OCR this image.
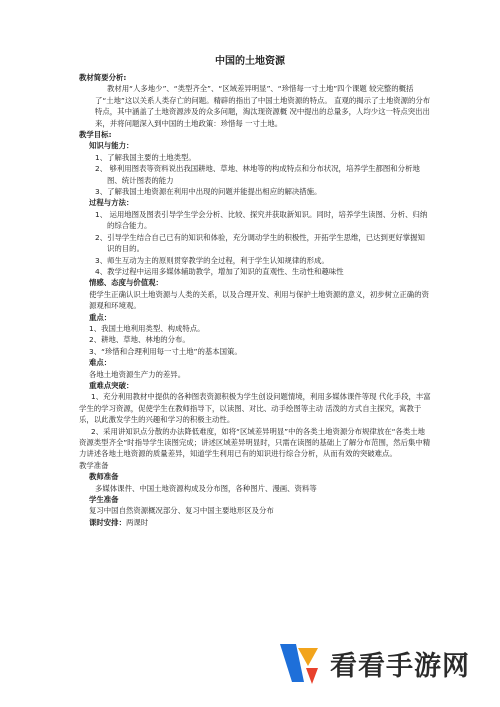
中国的土地资源

教材简要分析:

教材用“人多地少”、“类型齐全”、“区域差异明显”、“珍惜每一寸土地”四个课题 较完整的概括了“土地”这以关系人类存亡的问题。精辟的指出了中国土地资源的特点。 直观的揭示了土地资源的分布特点，其中涵盖了土地资源涉及的众多问题，淘汰现资源概 况中提出的总量多，人均少这一特点突出出来，并将问题深入到中国的土地政策：珍惜每 一寸土地。

教学目标:

知识与能力：

1、了解我国主要的土地类型。

2、 够利用图表等资料说出我国耕地、草地、林地等的构成特点和分布状况，培养学生都图和分析地图、统计图表的能力

3、了解我国土地资源在利用中出现的问题并能提出相应的解决措施。

过程与方法：

1、 运用地图及图表引导学生学会分析、比较、探究并获取新知识。同时，培养学生读图、分析、归纳的综合能力。

2、引导学生结合自己已有的知识和体验，充分调动学生的积极性，开拓学生思维，已达到更好掌握知识的目的。

3、师生互动为主的原则贯穿教学的全过程，利于学生认知规律的形成。

4、教学过程中运用多媒体辅助教学，增加了知识的直观性、生动性和趣味性

情感、态度与价值观：

使学生正确认识土地资源与人类的关系，以及合理开发、利用与保护土地资源的意义，初步树立正确的资源观和环境观。

重点：

1、我国土地利用类型、构成特点。

2、耕地、草地、林地的分布。

3、“珍惜和合理利用每一寸土地”的基本国策。

难点：

各地土地资源生产力的差异。

重难点突破：

1、充分利用教材中提供的各种图表资源积极为学生创设问题情境，利用多媒体课件等现 代化手段，丰富学生的学习资源，促使学生在教师指导下，以读图、对比、动手绘图等主动 活泼的方式自主探究，寓教于乐，以此激发学生的兴趣和学习的积极主动性。

2、采用讲知识点分散的办法降低难度，如将“区域差异明显”中的各类土地资源分布规律放在“各类土地资源类型齐全”时指导学生读图完成；讲述区域差异明显时，只需在读图的基础上了解分布范围，然后集中精力讲述各地土地资源的质量差异，知道学生利用已有的知识进行综合分析，从而有效的突破难点。

教学准备

教师准备

多媒体课件、中国土地资源构成及分布图，各种图片、漫画、资料等

学生准备

复习中国自然资源概况部分、复习中国主要地形区及分布

课时安排：两课时

看看手游网
